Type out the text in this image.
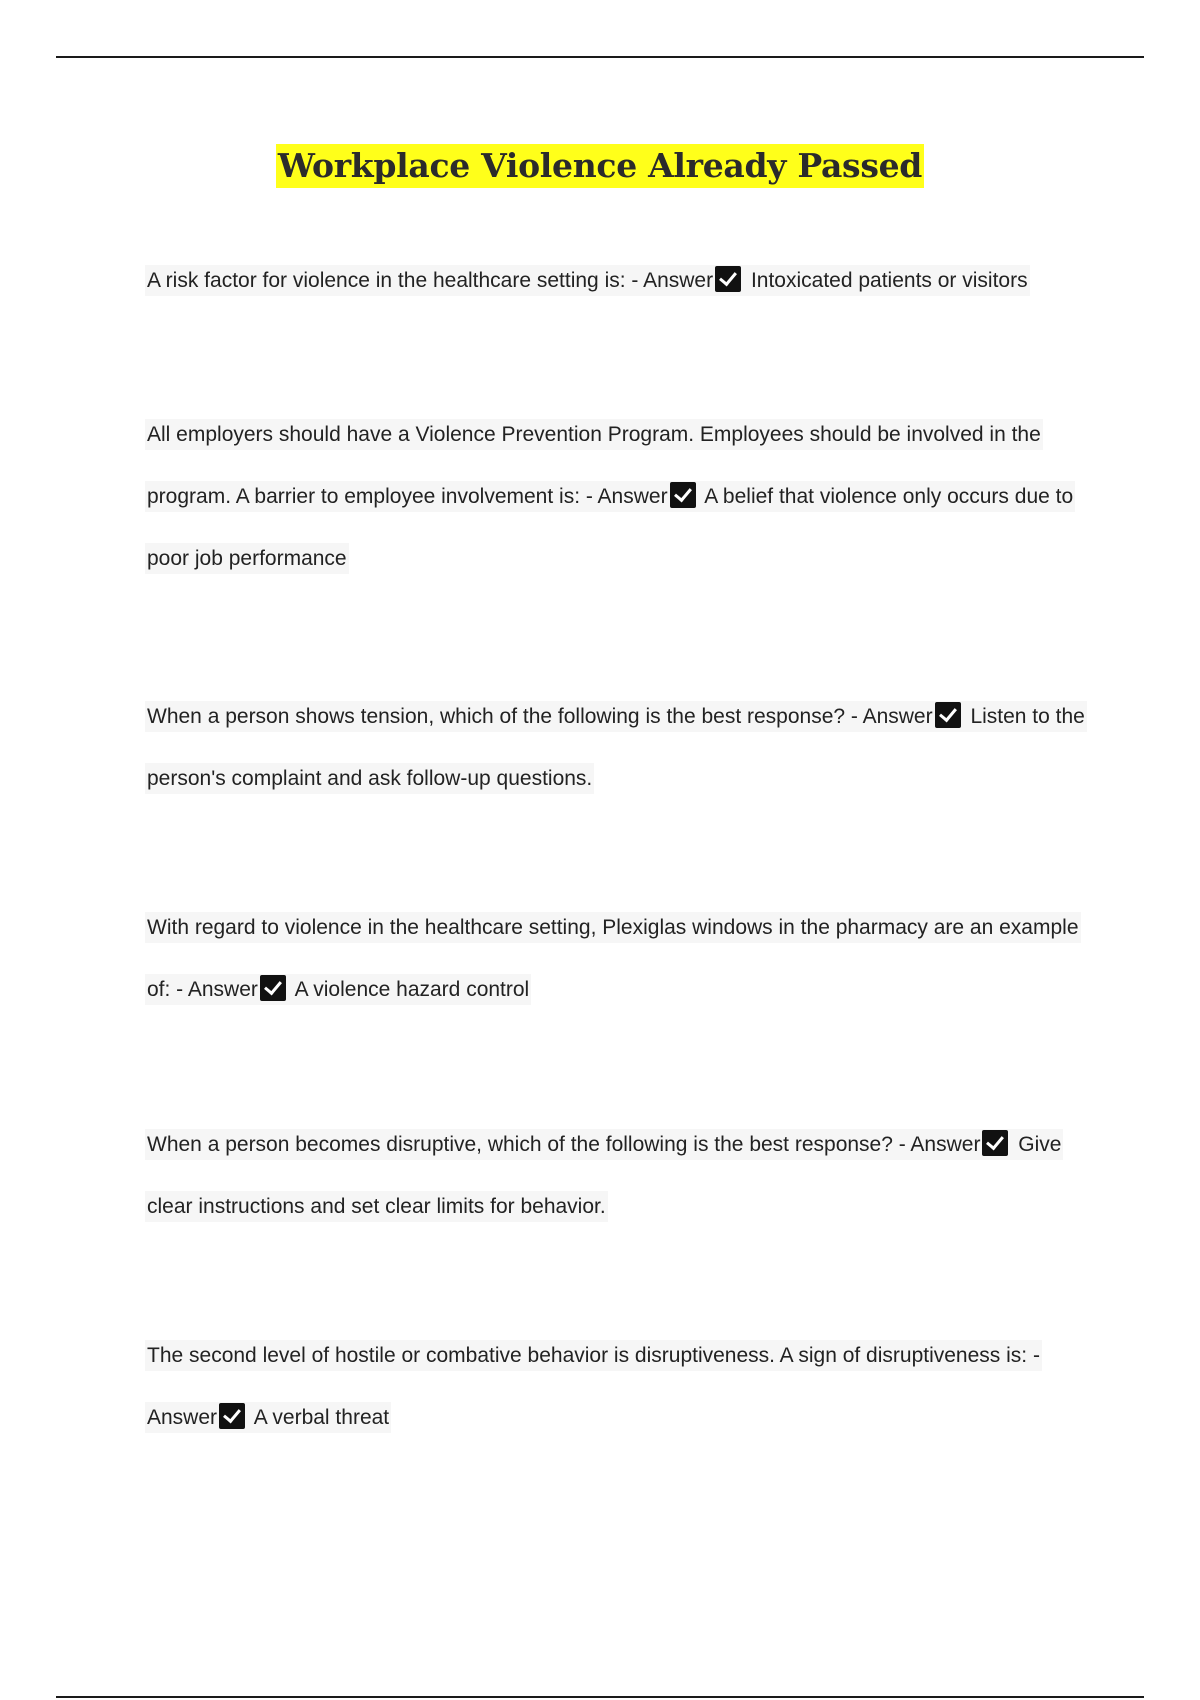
Workplace Violence Already Passed
A risk factor for violence in the healthcare setting is: - Answer Intoxicated patients or visitors
All employers should have a Violence Prevention Program. Employees should be involved in the program. A barrier to employee involvement is: - Answer A belief that violence only occurs due to poor job performance
When a person shows tension, which of the following is the best response? - Answer Listen to the person's complaint and ask follow-up questions.
With regard to violence in the healthcare setting, Plexiglas windows in the pharmacy are an example of: - Answer A violence hazard control
When a person becomes disruptive, which of the following is the best response? - Answer Give clear instructions and set clear limits for behavior.
The second level of hostile or combative behavior is disruptiveness. A sign of disruptiveness is: - Answer A verbal threat
